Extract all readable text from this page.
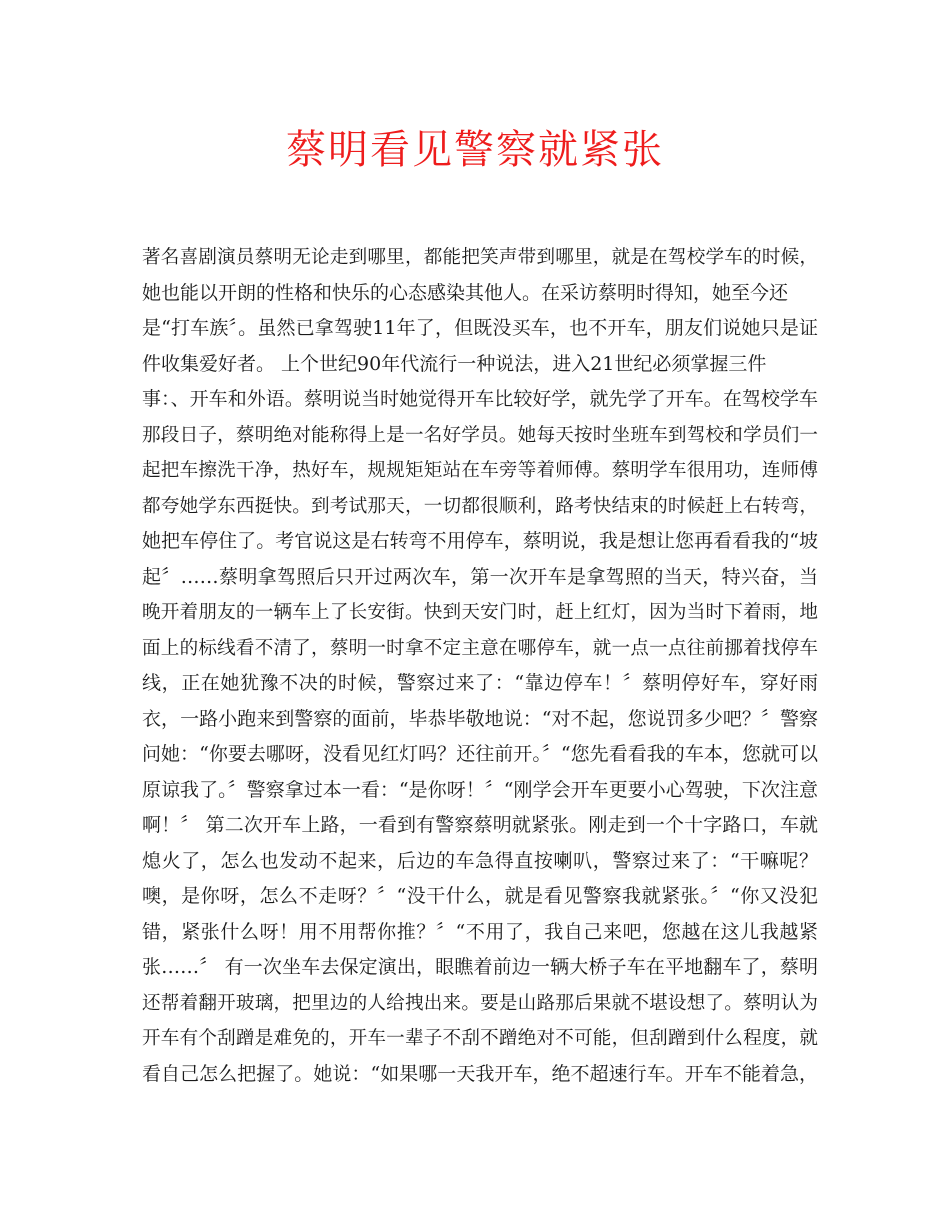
蔡明看见警察就紧张
著名喜剧演员蔡明无论走到哪里，都能把笑声带到哪里，就是在驾校学车的时候，
她也能以开朗的性格和快乐的心态感染其他人。在采访蔡明时得知，她至今还
是“打车族〞。虽然已拿驾驶11年了，但既没买车，也不开车，朋友们说她只是证
件收集爱好者。 上个世纪90年代流行一种说法，进入21世纪必须掌握三件
事：、开车和外语。蔡明说当时她觉得开车比较好学，就先学了开车。在驾校学车
那段日子，蔡明绝对能称得上是一名好学员。她每天按时坐班车到驾校和学员们一
起把车擦洗干净，热好车，规规矩矩站在车旁等着师傅。蔡明学车很用功，连师傅
都夸她学东西挺快。到考试那天，一切都很顺利，路考快结束的时候赶上右转弯，
她把车停住了。考官说这是右转弯不用停车，蔡明说，我是想让您再看看我的“坡
起〞……蔡明拿驾照后只开过两次车，第一次开车是拿驾照的当天，特兴奋，当
晚开着朋友的一辆车上了长安街。快到天安门时，赶上红灯，因为当时下着雨，地
面上的标线看不清了，蔡明一时拿不定主意在哪停车，就一点一点往前挪着找停车
线，正在她犹豫不决的时候，警察过来了：“靠边停车！〞蔡明停好车，穿好雨
衣，一路小跑来到警察的面前，毕恭毕敬地说：“对不起，您说罚多少吧？〞警察
问她：“你要去哪呀，没看见红灯吗？还往前开。〞“您先看看我的车本，您就可以
原谅我了。〞警察拿过本一看：“是你呀！〞“刚学会开车更要小心驾驶，下次注意
啊！〞 第二次开车上路，一看到有警察蔡明就紧张。刚走到一个十字路口，车就
熄火了，怎么也发动不起来，后边的车急得直按喇叭，警察过来了：“干嘛呢？
噢，是你呀，怎么不走呀？〞“没干什么，就是看见警察我就紧张。〞“你又没犯
错，紧张什么呀！用不用帮你推？〞“不用了，我自己来吧，您越在这儿我越紧
张……〞 有一次坐车去保定演出，眼瞧着前边一辆大桥子车在平地翻车了，蔡明
还帮着翻开玻璃，把里边的人给拽出来。要是山路那后果就不堪设想了。蔡明认为
开车有个刮蹭是难免的，开车一辈子不刮不蹭绝对不可能，但刮蹭到什么程度，就
看自己怎么把握了。她说：“如果哪一天我开车，绝不超速行车。开车不能着急，
